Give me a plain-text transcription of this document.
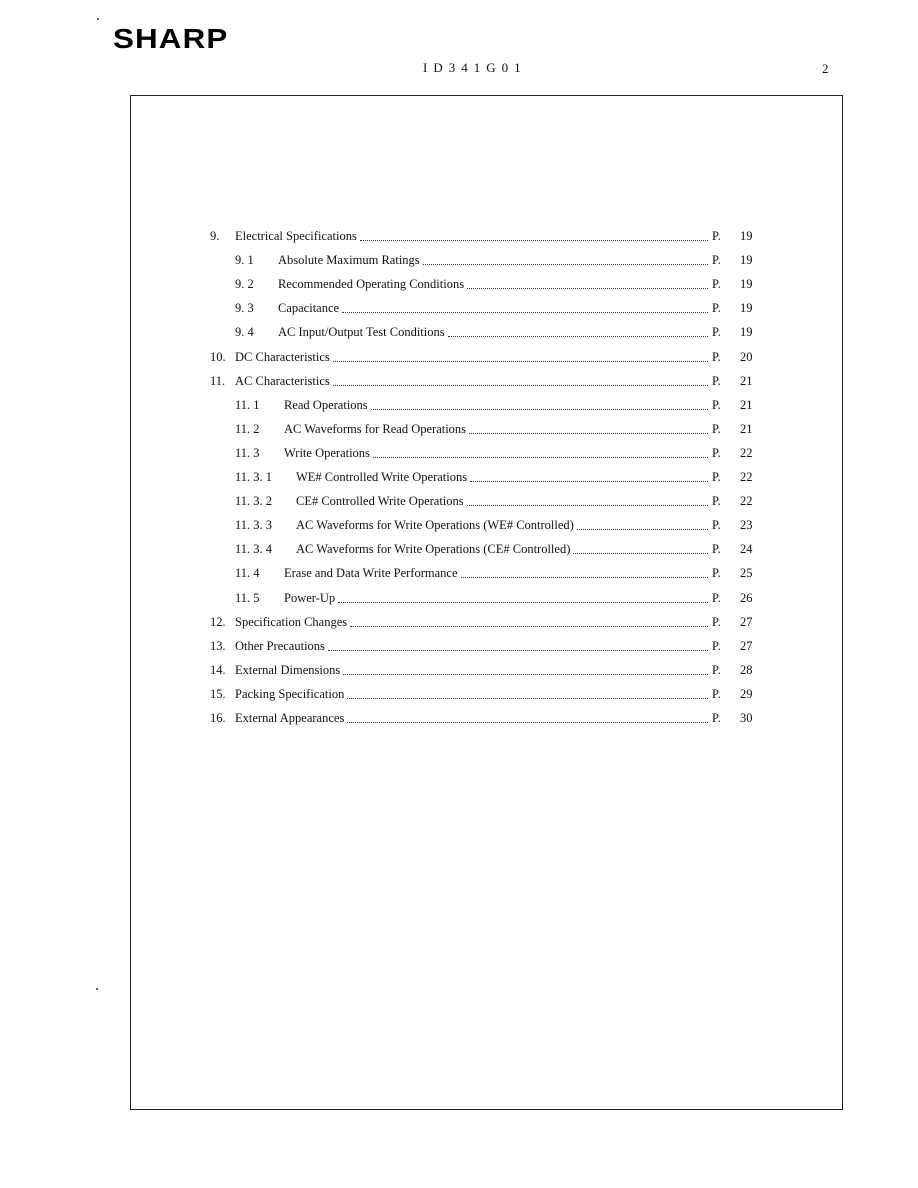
SHARP
ID341G01	2
9. Electrical Specifications	P. 19
9. 1 Absolute Maximum Ratings	P. 19
9. 2 Recommended Operating Conditions	P. 19
9. 3 Capacitance	P. 19
9. 4 AC Input/Output Test Conditions	P. 19
10. DC Characteristics	P. 20
11. AC Characteristics	P. 21
11. 1 Read Operations	P. 21
11. 2 AC Waveforms for Read Operations	P. 21
11. 3 Write Operations	P. 22
11. 3. 1 WE# Controlled Write Operations	P. 22
11. 3. 2 CE# Controlled Write Operations	P. 22
11. 3. 3 AC Waveforms for Write Operations (WE# Controlled)	P. 23
11. 3. 4 AC Waveforms for Write Operations (CE# Controlled)	P. 24
11. 4 Erase and Data Write Performance	P. 25
11. 5 Power-Up	P. 26
12. Specification Changes	P. 27
13. Other Precautions	P. 27
14. External Dimensions	P. 28
15. Packing Specification	P. 29
16. External Appearances	P. 30
